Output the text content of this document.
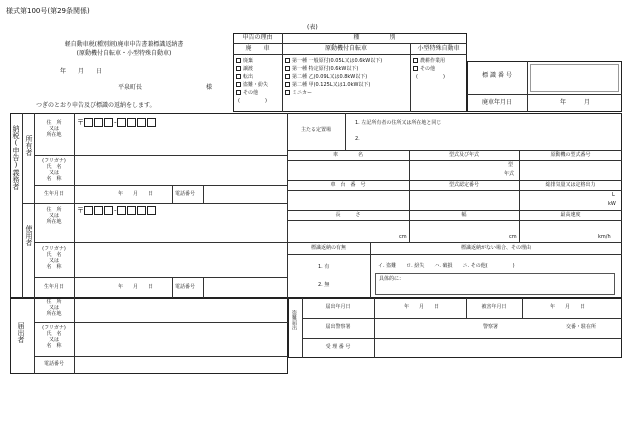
様式第100号(第29条関係)
(表)
軽自動車税(種別割)廃車申告書兼標識返納書
(原動機付自転車・小型特殊自動車)
年　　月　　日
平泉町長	様
つぎのとおり申告及び標識の返納をします。
申告の理由
廃　　車
種　　　　　別
原動機付自転車	小型特殊自動車
廃棄
譲渡
転出
盗難・紛失
その他
(　　　　　)
第一種 一般原付(0.05L又は0.6kW以下)
第一種 特定原付(0.6kW以下)
第二種 乙(0.09L又は0.8kW以下)
第二種 甲(0.125L又は1.0kW以下)
ミニカー
農耕作業用
その他
(　　　　　)	標 識 番 号
廃車年月日	年　　　月
納税(申告)義務者 所有者
使用者
住　所
又は
所在地
〒	-
(フリガナ)
氏　名
又は
名　称
生年月日	年　　月　　日	電話番号
住　所
又は
所在地
〒	-
(フリガナ)
氏　名
又は
名　称
生年月日	年　　月　　日	電話番号
主たる定置場
1. 左記所有者の住所又は所在地と同じ
2.
車　　　　名	型式及び年式	原動機の型式番号
型
年式
車　台　番　号	型式認定番号	総排気量又は定格出力
L
kW
長　　　さ	幅	最高速度
cm	cm	km/h
標識返納の有無	標識返納がない場合、その理由
1. 有
2. 無
イ. 盗難　　ロ. 紛失　　ハ. 破損　　ニ. その他(　　　　　)
具体的に：
届出者
住　所
又は
所在地
(フリガナ)
氏　名
又は
名　称
電話番号
盗難届出
届出年月日	年　　月　　日	被害年月日	年　　月　　日
届出警察署	警察署	交番・駐在所
受 理 番 号
